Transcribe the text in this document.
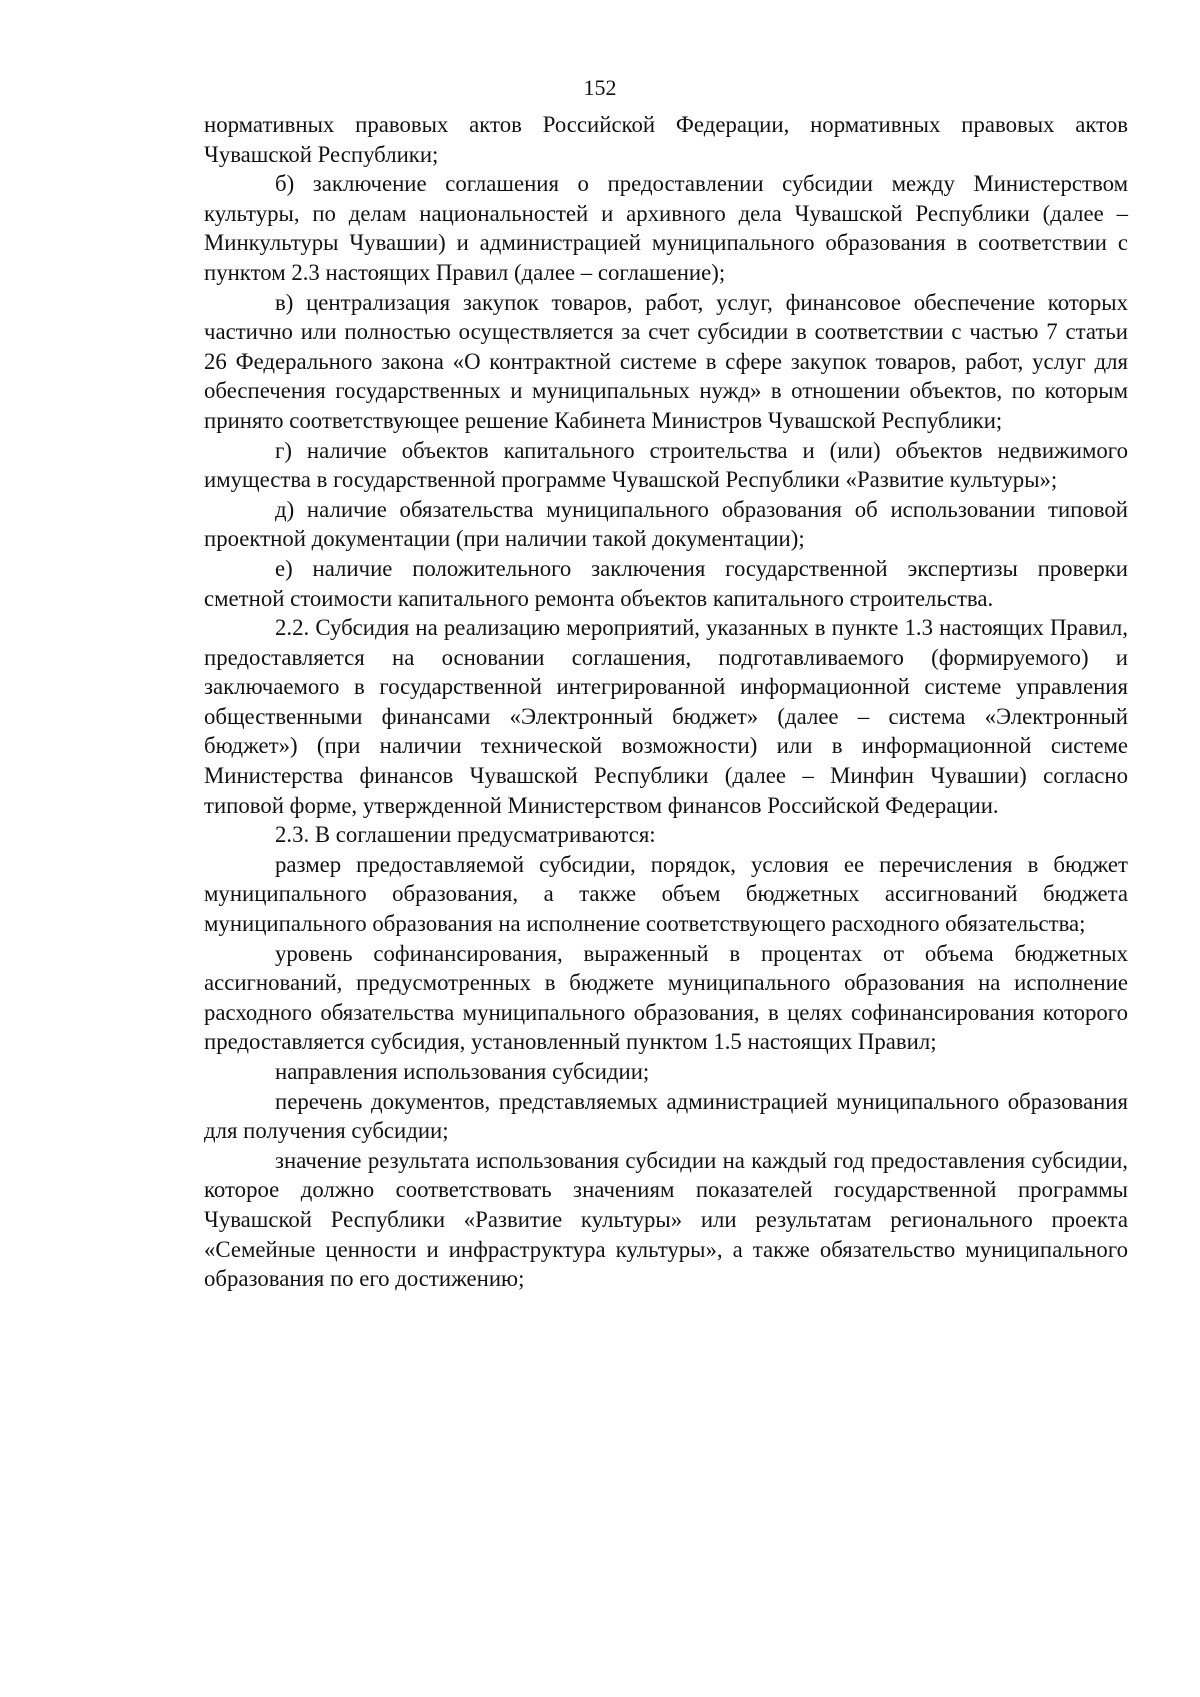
152

нормативных правовых актов Российской Федерации, нормативных правовых актов Чувашской Республики;

б) заключение соглашения о предоставлении субсидии между Министерством культуры, по делам национальностей и архивного дела Чувашской Республики (далее – Минкультуры Чувашии) и администрацией муниципального образования в соответствии с пунктом 2.3 настоящих Правил (далее – соглашение);

в) централизация закупок товаров, работ, услуг, финансовое обеспечение которых частично или полностью осуществляется за счет субсидии в соответствии с частью 7 статьи 26 Федерального закона «О контрактной системе в сфере закупок товаров, работ, услуг для обеспечения государственных и муниципальных нужд» в отношении объектов, по которым принято соответствующее решение Кабинета Министров Чувашской Республики;

г) наличие объектов капитального строительства и (или) объектов недвижимого имущества в государственной программе Чувашской Республики «Развитие культуры»;

д) наличие обязательства муниципального образования об использовании типовой проектной документации (при наличии такой документации);

е) наличие положительного заключения государственной экспертизы проверки сметной стоимости капитального ремонта объектов капитального строительства.

2.2. Субсидия на реализацию мероприятий, указанных в пункте 1.3 настоящих Правил, предоставляется на основании соглашения, подготавливаемого (формируемого) и заключаемого в государственной интегрированной информационной системе управления общественными финансами «Электронный бюджет» (далее – система «Электронный бюджет») (при наличии технической возможности) или в информационной системе Министерства финансов Чувашской Республики (далее – Минфин Чувашии) согласно типовой форме, утвержденной Министерством финансов Российской Федерации.

2.3. В соглашении предусматриваются:

размер предоставляемой субсидии, порядок, условия ее перечисления в бюджет муниципального образования, а также объем бюджетных ассигнований бюджета муниципального образования на исполнение соответствующего расходного обязательства;

уровень софинансирования, выраженный в процентах от объема бюджетных ассигнований, предусмотренных в бюджете муниципального образования на исполнение расходного обязательства муниципального образования, в целях софинансирования которого предоставляется субсидия, установленный пунктом 1.5 настоящих Правил;

направления использования субсидии;

перечень документов, представляемых администрацией муниципального образования для получения субсидии;

значение результата использования субсидии на каждый год предоставления субсидии, которое должно соответствовать значениям показателей государственной программы Чувашской Республики «Развитие культуры» или результатам регионального проекта «Семейные ценности и инфраструктура культуры», а также обязательство муниципального образования по его достижению;
